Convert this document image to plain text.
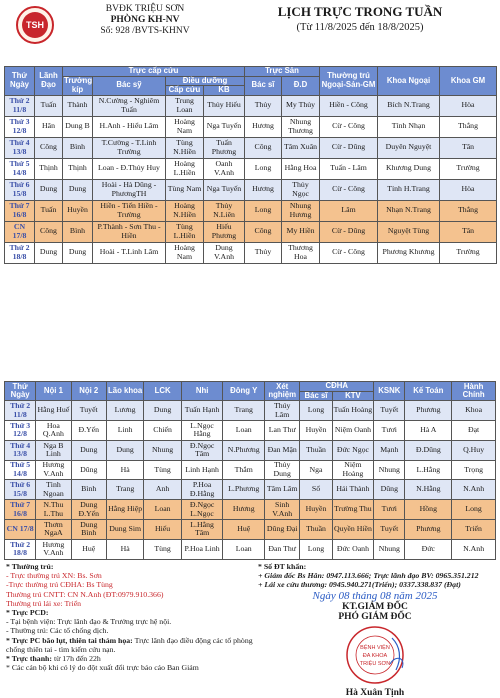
TSH
BVĐK TRIỆU SƠN
PHÒNG KH-NV
Số: 928 /BVTS-KHNV
LỊCH TRỰC TRONG TUẦN
(Từ 11/8/2025 đến 18/8/2025)
Thứ Ngày	Lãnh Đạo	Trực cấp cứu				Trực Sản		Thường trú Ngoại-Sản-GM	Khoa Ngoại	Khoa GM
		Trưởng kíp	Bác sỹ	Điều dưỡng		Bác sĩ	Đ.D			
				Cấp cứu	KB					
Thứ 2 11/8	Tuấn	Thành	N.Cường - Nghiêm Tuấn	Trung Loan	Thủy Hiếu	Thủy	My Thủy	Hiền - Công	Bích N.Trang	Hòa
Thứ 3 12/8	Hân	Dung B	H.Anh - Hiểu Lâm	Hoàng Nam	Nga Tuyến	Hương	Nhung Thương	Cừ - Công	Tỉnh Nhạn	Thắng
Thứ 4 13/8	Công	Bình	T.Cường - T.Linh Trường	Tùng N.Hiền	Tuấn Phương	Công	Tâm Xuân	Cừ - Dũng	Duyên Nguyệt	Tân
Thứ 5 14/8	Thịnh	Thịnh	Loan - Đ.Thủy Huy	Hoàng L.Hiền	Oanh V.Anh	Long	Hằng Hoa	Tuấn - Lâm	Khương Dung	Trường
Thứ 6 15/8	Dung	Dung	Hoài - Hà Dũng - PhươngTH	Tùng Nam	Nga Tuyến	Hương	Thủy Ngọc	Cừ - Công	Tỉnh H.Trang	Hòa
Thứ 7 16/8	Tuấn	Huyền	Hiền - Tiến Hiền - Trường	Hoàng N.Hiền	Thủy N.Liên	Long	Nhung Hương	Lâm	Nhạn N.Trang	Thắng
CN 17/8	Công	Bình	P.Thành - Sơn Thu - Hiền	Tùng L.Hiền	Hiếu Phương	Công	My Hiền	Cừ - Dũng	Nguyệt Tùng	Tân
Thứ 2 18/8	Dung	Dung	Hoài - T.Linh Lâm	Hoàng Nam	Dung V.Anh	Thủy	Thương Hoa	Cừ - Công	Phương Khương	Trường
Thứ Ngày	Nội 1	Nội 2	Lão khoa	LCK	Nhi	Đông Y	Xét nghiệm	CĐHA		KSNK	Kế Toán	Hành Chính
								Bác sĩ	KTV			
Thứ 2 11/8	Hằng Huế	Tuyết	Lương	Dung	Tuấn Hạnh	Trang	Thúy Lâm	Long	Tuấn Hoàng	Tuyết	Phương	Khoa
Thứ 3 12/8	Hoa Q.Anh	Đ.Yến	Linh	Chiến	L.Ngọc Hằng	Loan	Lan Thư	Huyền	Niệm Oanh	Tươi	Hà A	Đạt
Thứ 4 13/8	Nga B Linh	Dung	Dung	Nhung	Đ.Ngọc Tâm	N.Phương	Đan Mận	Thuần	Đức Ngọc	Mạnh	Đ.Dũng	Q.Huy
Thứ 5 14/8	Hương V.Anh	Dũng	Hà	Tùng	Linh Hạnh	Thắm	Thủy Dung	Nga	Niệm Hoàng	Nhung	L.Hằng	Trọng
Thứ 6 15/8	Tình Ngoan	Bình	Trang	Anh	P.Hoa Đ.Hằng	L.Phương	Tâm Lâm	Sổ	Hải Thành	Dũng	N.Hằng	N.Anh
Thứ 7 16/8	N.Thu L.Thu	Dung Đ.Yến	Hằng Hiệp	Loan	Đ.Ngọc L.Ngọc	Hương	Sinh V.Anh	Huyền	Trường Thu	Tươi	Hồng	Long
CN 17/8	Thơm NgaA	Dung Bình	Dung Sim	Hiếu	L.Hằng Tâm	Huệ	Dũng Đại	Thuần	Quyền Hiền	Tuyết	Phương	Triển
Thứ 2 18/8	Hương V.Anh	Huệ	Hà	Tùng	P.Hoa Linh	Loan	Đan Thư	Long	Đức Oanh	Nhung	Đức	N.Anh
* Thường trú:
- Trực thường trú XN: Bs. Sơn
-Trực thường trú CĐHA: Bs Tùng
Thường trú CNTT: CN N.Anh (ĐT:0979.910.366)
Thường trú lái xe: Triển
* Trực PCD:
- Tại bệnh viện: Trực lãnh đạo & Trưởng trực hệ nội.
- Thường trú: Các tổ chống dịch.
* Trực PC bão lụt, thiên tai thảm họa: Trực lãnh đạo điều động các tổ phòng chống thiên tai - tìm kiếm cứu nạn.
* Trực thanh: từ 17h đến 22h
* Các cán bộ khi có lý do đột xuất đổi trực báo cáo Ban Giám
* Số ĐT khẩn:
+ Giám đốc Bs Hân: 0947.113.666; Trực lãnh đạo BV: 0965.351.212
+ Lái xe cứu thương: 0945.940.271(Triển); 0337.338.837 (Đạt)
Ngày 08 tháng 08 năm 2025
KT.GIÁM ĐỐC
PHÓ GIÁM ĐỐC
BỆNH VIỆN
ĐA KHOA
TRIỆU SƠN
Hà Xuân Tịnh
